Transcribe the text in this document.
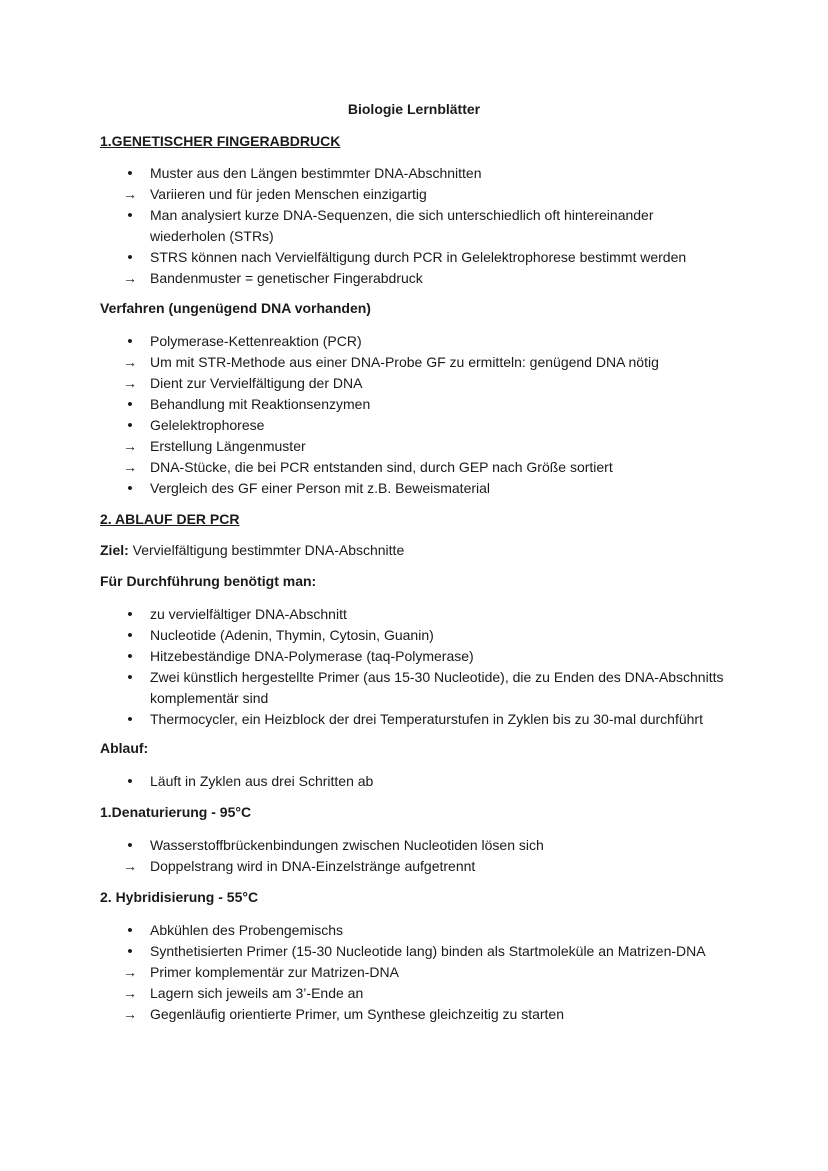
Biologie Lernblätter
1.GENETISCHER FINGERABDRUCK
•
Muster aus den Längen bestimmter DNA-Abschnitten
→
Variieren und für jeden Menschen einzigartig
•
Man analysiert kurze DNA-Sequenzen, die sich unterschiedlich oft hintereinander
wiederholen (STRs)
•
STRS können nach Vervielfältigung durch PCR in Gelelektrophorese bestimmt werden
→
Bandenmuster = genetischer Fingerabdruck
Verfahren (ungenügend DNA vorhanden)
•
Polymerase-Kettenreaktion (PCR)
→
Um mit STR-Methode aus einer DNA-Probe GF zu ermitteln: genügend DNA nötig
→
Dient zur Vervielfältigung der DNA
•
Behandlung mit Reaktionsenzymen
•
Gelelektrophorese
→
Erstellung Längenmuster
→
DNA-Stücke, die bei PCR entstanden sind, durch GEP nach Größe sortiert
•
Vergleich des GF einer Person mit z.B. Beweismaterial
2. ABLAUF DER PCR
Ziel: Vervielfältigung bestimmter DNA-Abschnitte
Für Durchführung benötigt man:
•
zu vervielfältiger DNA-Abschnitt
•
Nucleotide (Adenin, Thymin, Cytosin, Guanin)
•
Hitzebeständige DNA-Polymerase (taq-Polymerase)
•
Zwei künstlich hergestellte Primer (aus 15-30 Nucleotide), die zu Enden des DNA-Abschnitts
komplementär sind
•
Thermocycler, ein Heizblock der drei Temperaturstufen in Zyklen bis zu 30-mal durchführt
Ablauf:
•
Läuft in Zyklen aus drei Schritten ab
1.Denaturierung - 95°C
•
Wasserstoffbrückenbindungen zwischen Nucleotiden lösen sich
→
Doppelstrang wird in DNA-Einzelstränge aufgetrennt
2. Hybridisierung - 55°C
•
Abkühlen des Probengemischs
•
Synthetisierten Primer (15-30 Nucleotide lang) binden als Startmoleküle an Matrizen-DNA
→
Primer komplementär zur Matrizen-DNA
→
Lagern sich jeweils am 3’-Ende an
→
Gegenläufig orientierte Primer, um Synthese gleichzeitig zu starten
